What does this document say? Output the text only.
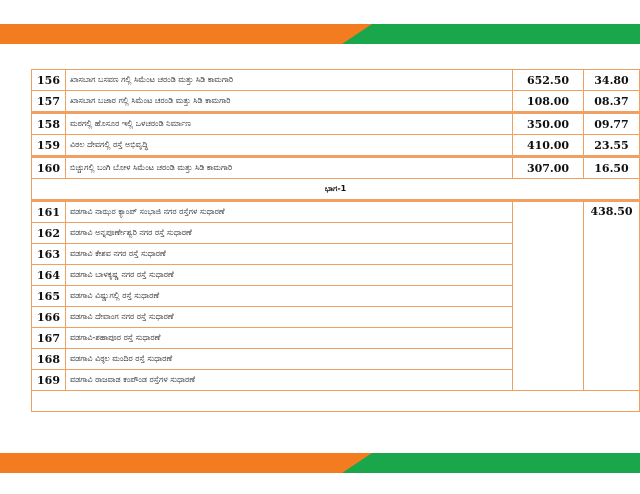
156	ಖಾಸಬಾಗ ಬಸವಣ ಗಲ್ಲಿ ಸಿಮೆಂಟ ಚರಂಡಿ ಮತ್ತು ಸಿಡಿ ಕಾಮಗಾರಿ	652.50	34.80
157	ಖಾಸಬಾಗ ಬಜಾರ ಗಲ್ಲಿ ಸಿಮೆಂಟ ಚರಂಡಿ ಮತ್ತು ಸಿಡಿ ಕಾಮಗಾರಿ	108.00	08.37
158	ಮಠಗಲ್ಲಿ ಹೊಸೂರ ಇಲ್ಲಿ ಒಳಚರಂಡಿ ನಿರ್ಮಾಣ	350.00	09.77
159	ವಿಠಲ ದೇವಗಲ್ಲಿ ರಸ್ತೆ ಅಭಿವೃದ್ಧಿ	410.00	23.55
160	ಬಿಚ್ಚುಗಲ್ಲಿ ಬಂಗಿ ಬೋಳ ಸಿಮೆಂಟ ಚರಂಡಿ ಮತ್ತು ಸಿಡಿ ಕಾಮಗಾರಿ	307.00	16.50
ಭಾಗ-1			
161	ವಡಗಾವಿ ನಾಝರ ಕ್ಯಾಂಪ್ ಸಂಭಾಜಿ ನಗರ ರಸ್ತೆಗಳ ಸುಧಾರಣೆ		438.50
162	ವಡಗಾವಿ ಅನ್ನಪೂರ್ಣೇಶ್ವರಿ ನಗರ ರಸ್ತೆ ಸುಧಾರಣೆ		
163	ವಡಗಾವಿ ಕೇಶವ ನಗರ ರಸ್ತೆ ಸುಧಾರಣೆ		
164	ವಡಗಾವಿ ಬಾಳಕೃಷ್ಣ ನಗರ ರಸ್ತೆ ಸುಧಾರಣೆ		
165	ವಡಗಾವಿ ವಿಷ್ಣುಗಲ್ಲಿ ರಸ್ತೆ ಸುಧಾರಣೆ		
166	ವಡಗಾವಿ ದೇವಾಂಗ ನಗರ ರಸ್ತೆ ಸುಧಾರಣೆ		
167	ವಡಗಾವಿ-ಶಹಾಪೂರ ರಸ್ತೆ ಸುಧಾರಣೆ		
168	ವಡಗಾವಿ ವಿಠ್ಠಲ ಮಂದಿರ ರಸ್ತೆ ಸುಧಾರಣೆ		
169	ವಡಗಾವಿ ರಾಜವಾಡ ಕಂಪೌಂಡ ರಸ್ತೆಗಳ ಸುಧಾರಣೆ		
